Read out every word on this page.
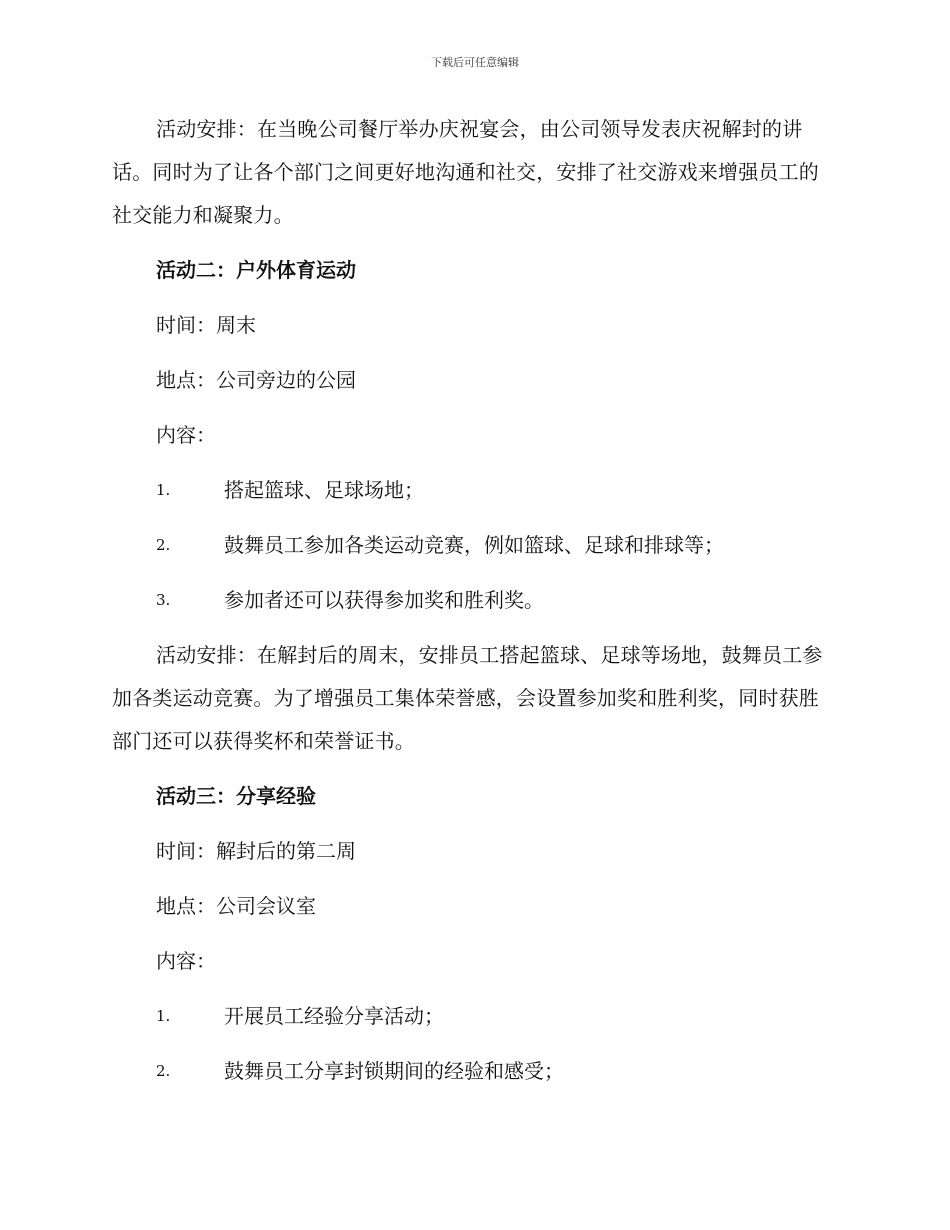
下载后可任意编辑

活动安排：在当晚公司餐厅举办庆祝宴会，由公司领导发表庆祝解封的讲话。同时为了让各个部门之间更好地沟通和社交，安排了社交游戏来增强员工的社交能力和凝聚力。

活动二：户外体育运动
时间：周末
地点：公司旁边的公园
内容：
1.	搭起篮球、足球场地；
2.	鼓舞员工参加各类运动竞赛，例如篮球、足球和排球等；
3.	参加者还可以获得参加奖和胜利奖。

活动安排：在解封后的周末，安排员工搭起篮球、足球等场地，鼓舞员工参加各类运动竞赛。为了增强员工集体荣誉感，会设置参加奖和胜利奖，同时获胜部门还可以获得奖杯和荣誉证书。

活动三：分享经验
时间：解封后的第二周
地点：公司会议室
内容：
1.	开展员工经验分享活动；
2.	鼓舞员工分享封锁期间的经验和感受；
